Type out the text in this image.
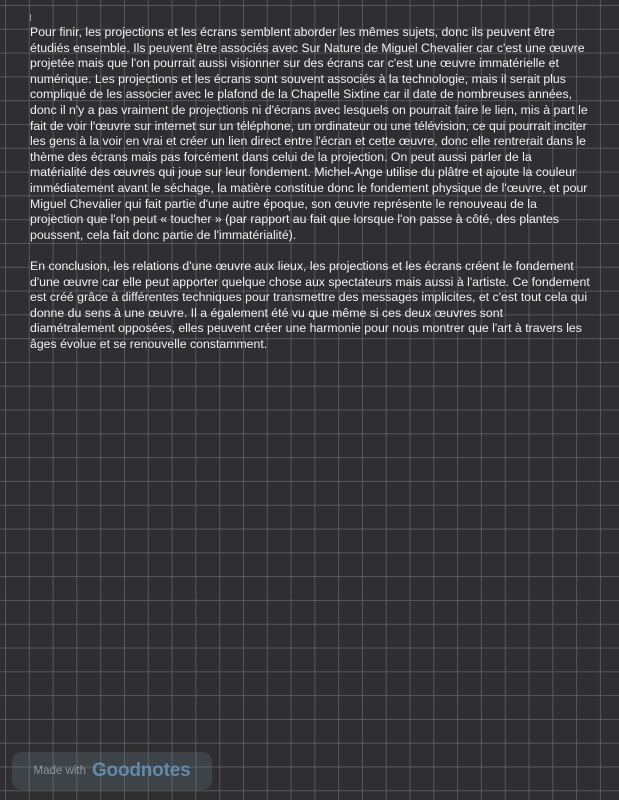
Pour finir, les projections et les écrans semblent aborder les mêmes sujets, donc ils peuvent être étudiés ensemble. Ils peuvent être associés avec Sur Nature de Miguel Chevalier car c'est une œuvre projetée mais que l'on pourrait aussi visionner sur des écrans car c'est une œuvre immatérielle et numérique. Les projections et les écrans sont souvent associés à la technologie, mais il serait plus compliqué de les associer avec le plafond de la Chapelle Sixtine car il date de nombreuses années, donc il n'y a pas vraiment de projections ni d'écrans avec lesquels on pourrait faire le lien, mis à part le fait de voir l'œuvre sur internet sur un téléphone, un ordinateur ou une télévision, ce qui pourrait inciter les gens à la voir en vrai et créer un lien direct entre l'écran et cette œuvre, donc elle rentrerait dans le thème des écrans mais pas forcément dans celui de la projection. On peut aussi parler de la matérialité des œuvres qui joue sur leur fondement. Michel-Ange utilise du plâtre et ajoute la couleur immédiatement avant le séchage, la matière constitue donc le fondement physique de l'œuvre, et pour Miguel Chevalier qui fait partie d'une autre époque, son œuvre représente le renouveau de la projection que l'on peut « toucher » (par rapport au fait que lorsque l'on passe à côté, des plantes poussent, cela fait donc partie de l'immatérialité).

En conclusion, les relations d'une œuvre aux lieux, les projections et les écrans créent le fondement d'une œuvre car elle peut apporter quelque chose aux spectateurs mais aussi à l'artiste. Ce fondement est créé grâce à différentes techniques pour transmettre des messages implicites, et c'est tout cela qui donne du sens à une œuvre. Il a également été vu que même si ces deux œuvres sont diamétralement opposées, elles peuvent créer une harmonie pour nous montrer que l'art à travers les âges évolue et se renouvelle constamment.

Made with Goodnotes
